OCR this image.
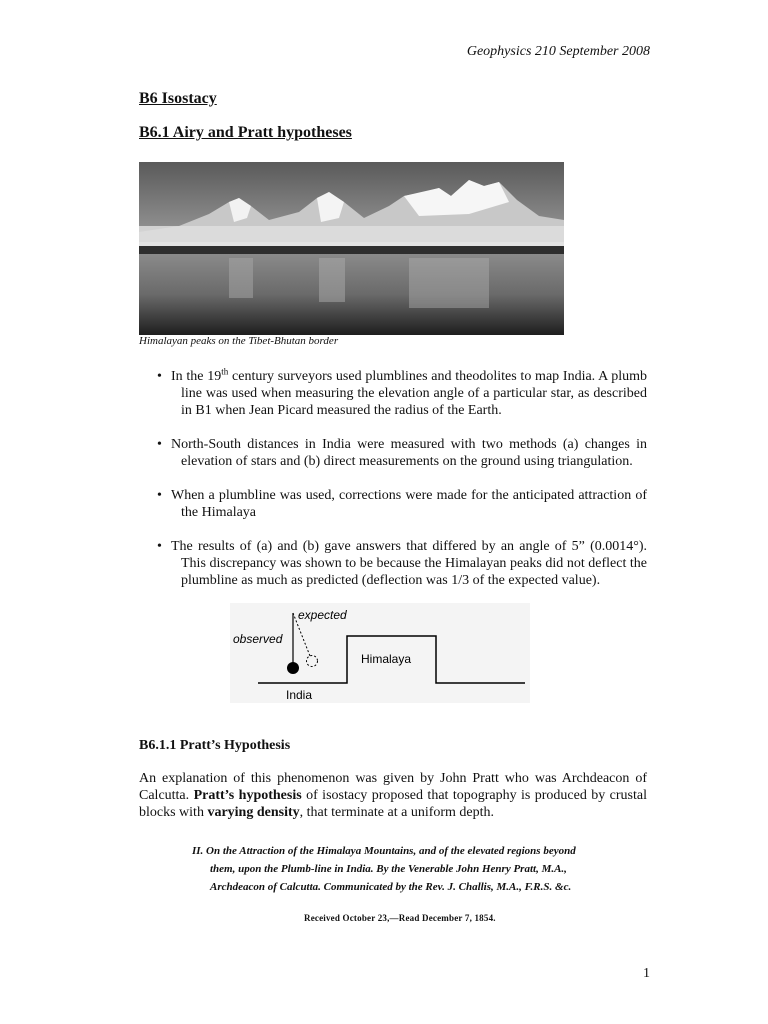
Geophysics 210 September 2008
B6 Isostacy
B6.1 Airy and Pratt hypotheses
Himalayan peaks on the Tibet-Bhutan border
• In the 19th century surveyors used plumblines and theodolites to map India. A plumb line was used when measuring the elevation angle of a particular star, as described in B1 when Jean Picard measured the radius of the Earth.
• North-South distances in India were measured with two methods (a) changes in elevation of stars and (b) direct measurements on the ground using triangulation.
• When a plumbline was used, corrections were made for the anticipated attraction of the Himalaya
• The results of (a) and (b) gave answers that differed by an angle of 5” (0.0014°). This discrepancy was shown to be because the Himalayan peaks did not deflect the plumbline as much as predicted (deflection was 1/3 of the expected value).
expected
observed
Himalaya
India
B6.1.1 Pratt’s Hypothesis
An explanation of this phenomenon was given by John Pratt who was Archdeacon of Calcutta. Pratt’s hypothesis of isostacy proposed that topography is produced by crustal blocks with varying density, that terminate at a uniform depth.
II. On the Attraction of the Himalaya Mountains, and of the elevated regions beyond
them, upon the Plumb-line in India. By the Venerable John Henry Pratt, M.A.,
Archdeacon of Calcutta. Communicated by the Rev. J. Challis, M.A., F.R.S. &c.
Received October 23,—Read December 7, 1854.
1
